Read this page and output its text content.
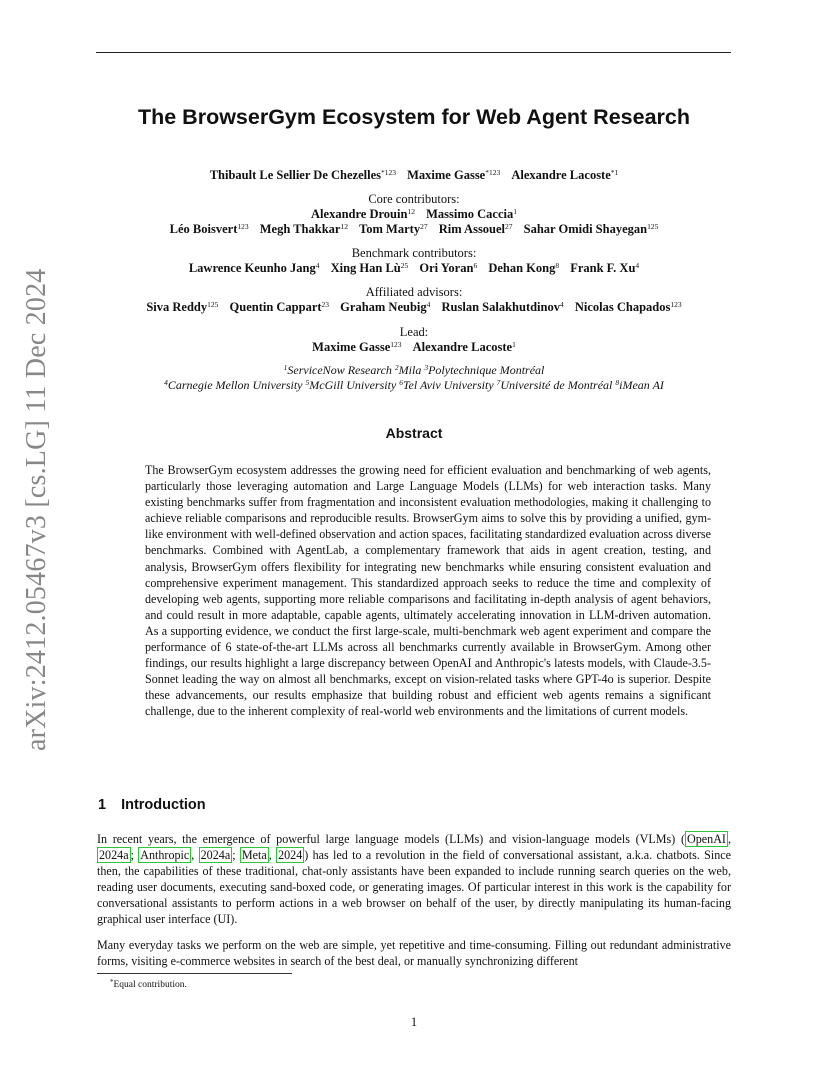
arXiv:2412.05467v3 [cs.LG] 11 Dec 2024
The BrowserGym Ecosystem for Web Agent Research
Thibault Le Sellier De Chezelles$^{*123}$ Maxime Gasse$^{*123}$ Alexandre Lacoste$^{*1}$
Core contributors:
Alexandre Drouin$^{12}$ Massimo Caccia$^1$
Léo Boisvert$^{123}$ Megh Thakkar$^{12}$ Tom Marty$^{27}$ Rim Assouel$^{27}$ Sahar Omidi Shayegan$^{125}$
Benchmark contributors:
Lawrence Keunho Jang$^4$ Xing Han $Lù^{25}$ Ori Yoran$^6$ Dehan Kong$^8$ Frank F. Xu$^4$
Affiliated advisors:
Siva Reddy$^{125}$ Quentin Cappart$^{23}$ Graham Neubig$^4$ Ruslan Salakhutdinov$^4$ Nicolas Chapados$^{123}$
Lead:
Maxime Gasse$^{123}$ Alexandre Lacoste$^1$
$^1$ServiceNow Research $^2$Mila $^3$Polytechnique Montréal
$^4$Carnegie Mellon University $^5$McGill University $^6$Tel Aviv University $^7$Université de Montréal $^8$iMean AI
Abstract
The BrowserGym ecosystem addresses the growing need for efficient evaluation and benchmarking of web agents, particularly those leveraging automation and Large Language Models (LLMs) for web interaction tasks. Many existing benchmarks suffer from fragmentation and inconsistent evaluation methodologies, making it challenging to achieve reliable comparisons and reproducible results. BrowserGym aims to solve this by providing a unified, gym-like environment with well-defined observation and action spaces, facilitating standardized evaluation across diverse benchmarks. Combined with AgentLab, a complementary framework that aids in agent creation, testing, and analysis, BrowserGym offers flexibility for integrating new benchmarks while ensuring consistent evaluation and comprehensive experiment management. This standardized approach seeks to reduce the time and complexity of developing web agents, supporting more reliable comparisons and facilitating in-depth analysis of agent behaviors, and could result in more adaptable, capable agents, ultimately accelerating innovation in LLM-driven automation. As a supporting evidence, we conduct the first large-scale, multi-benchmark web agent experiment and compare the performance of 6 state-of-the-art LLMs across all benchmarks currently available in BrowserGym. Among other findings, our results highlight a large discrepancy between OpenAI and Anthropic's latests models, with Claude-3.5-Sonnet leading the way on almost all benchmarks, except on vision-related tasks where GPT-4o is superior. Despite these advancements, our results emphasize that building robust and efficient web agents remains a significant challenge, due to the inherent complexity of real-world web environments and the limitations of current models.
1 Introduction
In recent years, the emergence of powerful large language models (LLMs) and vision-language models (VLMs) ( OpenAI , 2024a ; Anthropic , 2024a ; Meta , 2024 ) has led to a revolution in the field of conversational assistant, a.k.a. chatbots. Since then, the capabilities of these traditional, chat-only assistants have been expanded to include running search queries on the web, reading user documents, executing sand-boxed code, or generating images. Of particular interest in this work is the capability for conversational assistants to perform actions in a web browser on behalf of the user, by directly manipulating its human-facing graphical user interface (UI).
Many everyday tasks we perform on the web are simple, yet repetitive and time-consuming. Filling out redundant administrative forms, visiting e-commerce websites in search of the best deal, or manually synchronizing different
*Equal contribution.
1
